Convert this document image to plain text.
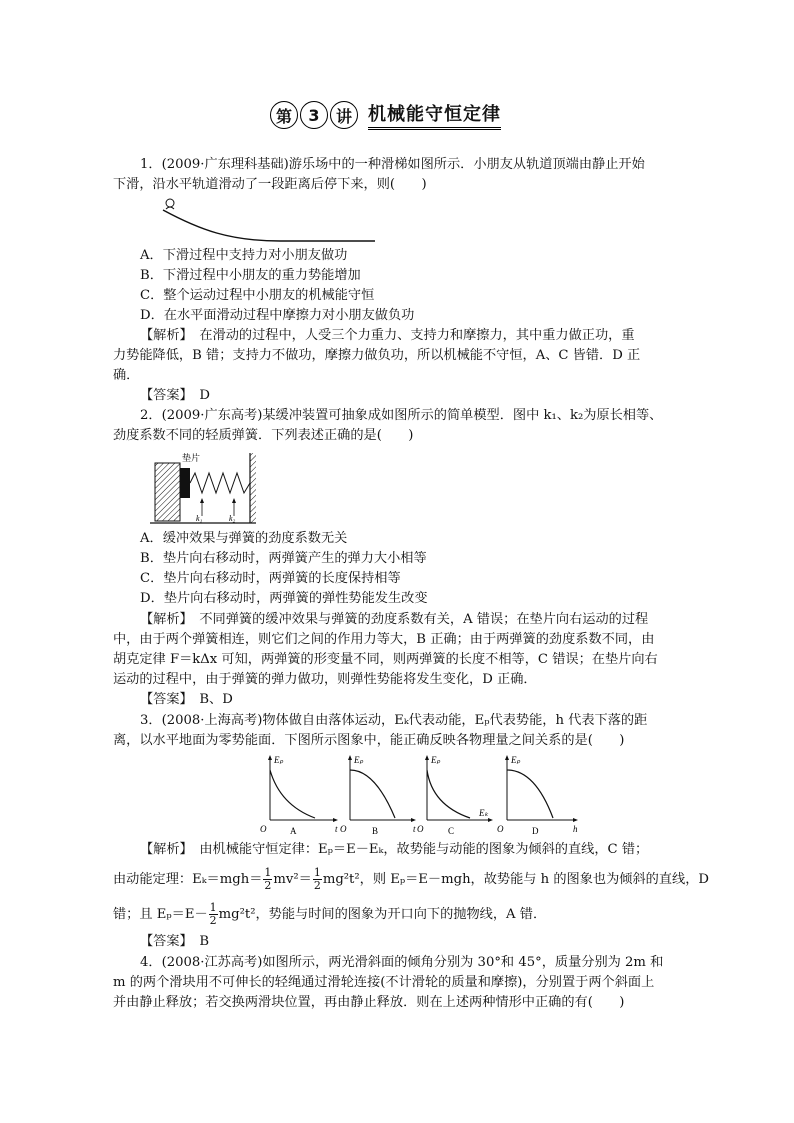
第	3	讲 机械能守恒定律
1．(2009·广东理科基础)游乐场中的一种滑梯如图所示．小朋友从轨道顶端由静止开始
下滑，沿水平轨道滑动了一段距离后停下来，则(　　)
A．下滑过程中支持力对小朋友做功
B．下滑过程中小朋友的重力势能增加
C．整个运动过程中小朋友的机械能守恒
D．在水平面滑动过程中摩擦力对小朋友做负功
【解析】　在滑动的过程中，人受三个力重力、支持力和摩擦力，其中重力做正功，重
力势能降低，B 错；支持力不做功，摩擦力做负功，所以机械能不守恒，A、C 皆错．D 正
确．
【答案】　D
2．(2009·广东高考)某缓冲装置可抽象成如图所示的简单模型．图中 k₁、k₂为原长相等、
劲度系数不同的轻质弹簧．下列表述正确的是(　　)
垫片
k₁	k₂
A．缓冲效果与弹簧的劲度系数无关
B．垫片向右移动时，两弹簧产生的弹力大小相等
C．垫片向右移动时，两弹簧的长度保持相等
D．垫片向右移动时，两弹簧的弹性势能发生改变
【解析】　不同弹簧的缓冲效果与弹簧的劲度系数有关，A 错误；在垫片向右运动的过程
中，由于两个弹簧相连，则它们之间的作用力等大，B 正确；由于两弹簧的劲度系数不同，由
胡克定律 F＝kΔx 可知，两弹簧的形变量不同，则两弹簧的长度不相等，C 错误；在垫片向右
运动的过程中，由于弹簧的弹力做功，则弹性势能将发生变化，D 正确．
【答案】　B、D
3．(2008·上海高考)物体做自由落体运动，Eₖ代表动能，Eₚ代表势能，h 代表下落的距
离，以水平地面为零势能面．下图所示图象中，能正确反映各物理量之间关系的是(　　)
Eₚ
t
O	A
Eₚ
t
O	B
Eₚ
Eₖ
O	C
Eₚ
h
O	D
【解析】　由机械能守恒定律：Eₚ＝E－Eₖ，故势能与动能的图象为倾斜的直线，C 错；
由动能定理：$E_k=mgh= \frac{1}{2} mv^2= \frac{1}{2} mg^2t^2$，则 Eₚ＝E－mgh，故势能与 h 的图象也为倾斜的直线，D
错；且 $E_p=E- \frac{1}{2} mg^2t^2$，势能与时间的图象为开口向下的抛物线，A 错．
【答案】　B
4．(2008·江苏高考)如图所示，两光滑斜面的倾角分别为 30°和 45°，质量分别为 2m 和
m 的两个滑块用不可伸长的轻绳通过滑轮连接(不计滑轮的质量和摩擦)，分别置于两个斜面上
并由静止释放；若交换两滑块位置，再由静止释放．则在上述两种情形中正确的有(　　)
